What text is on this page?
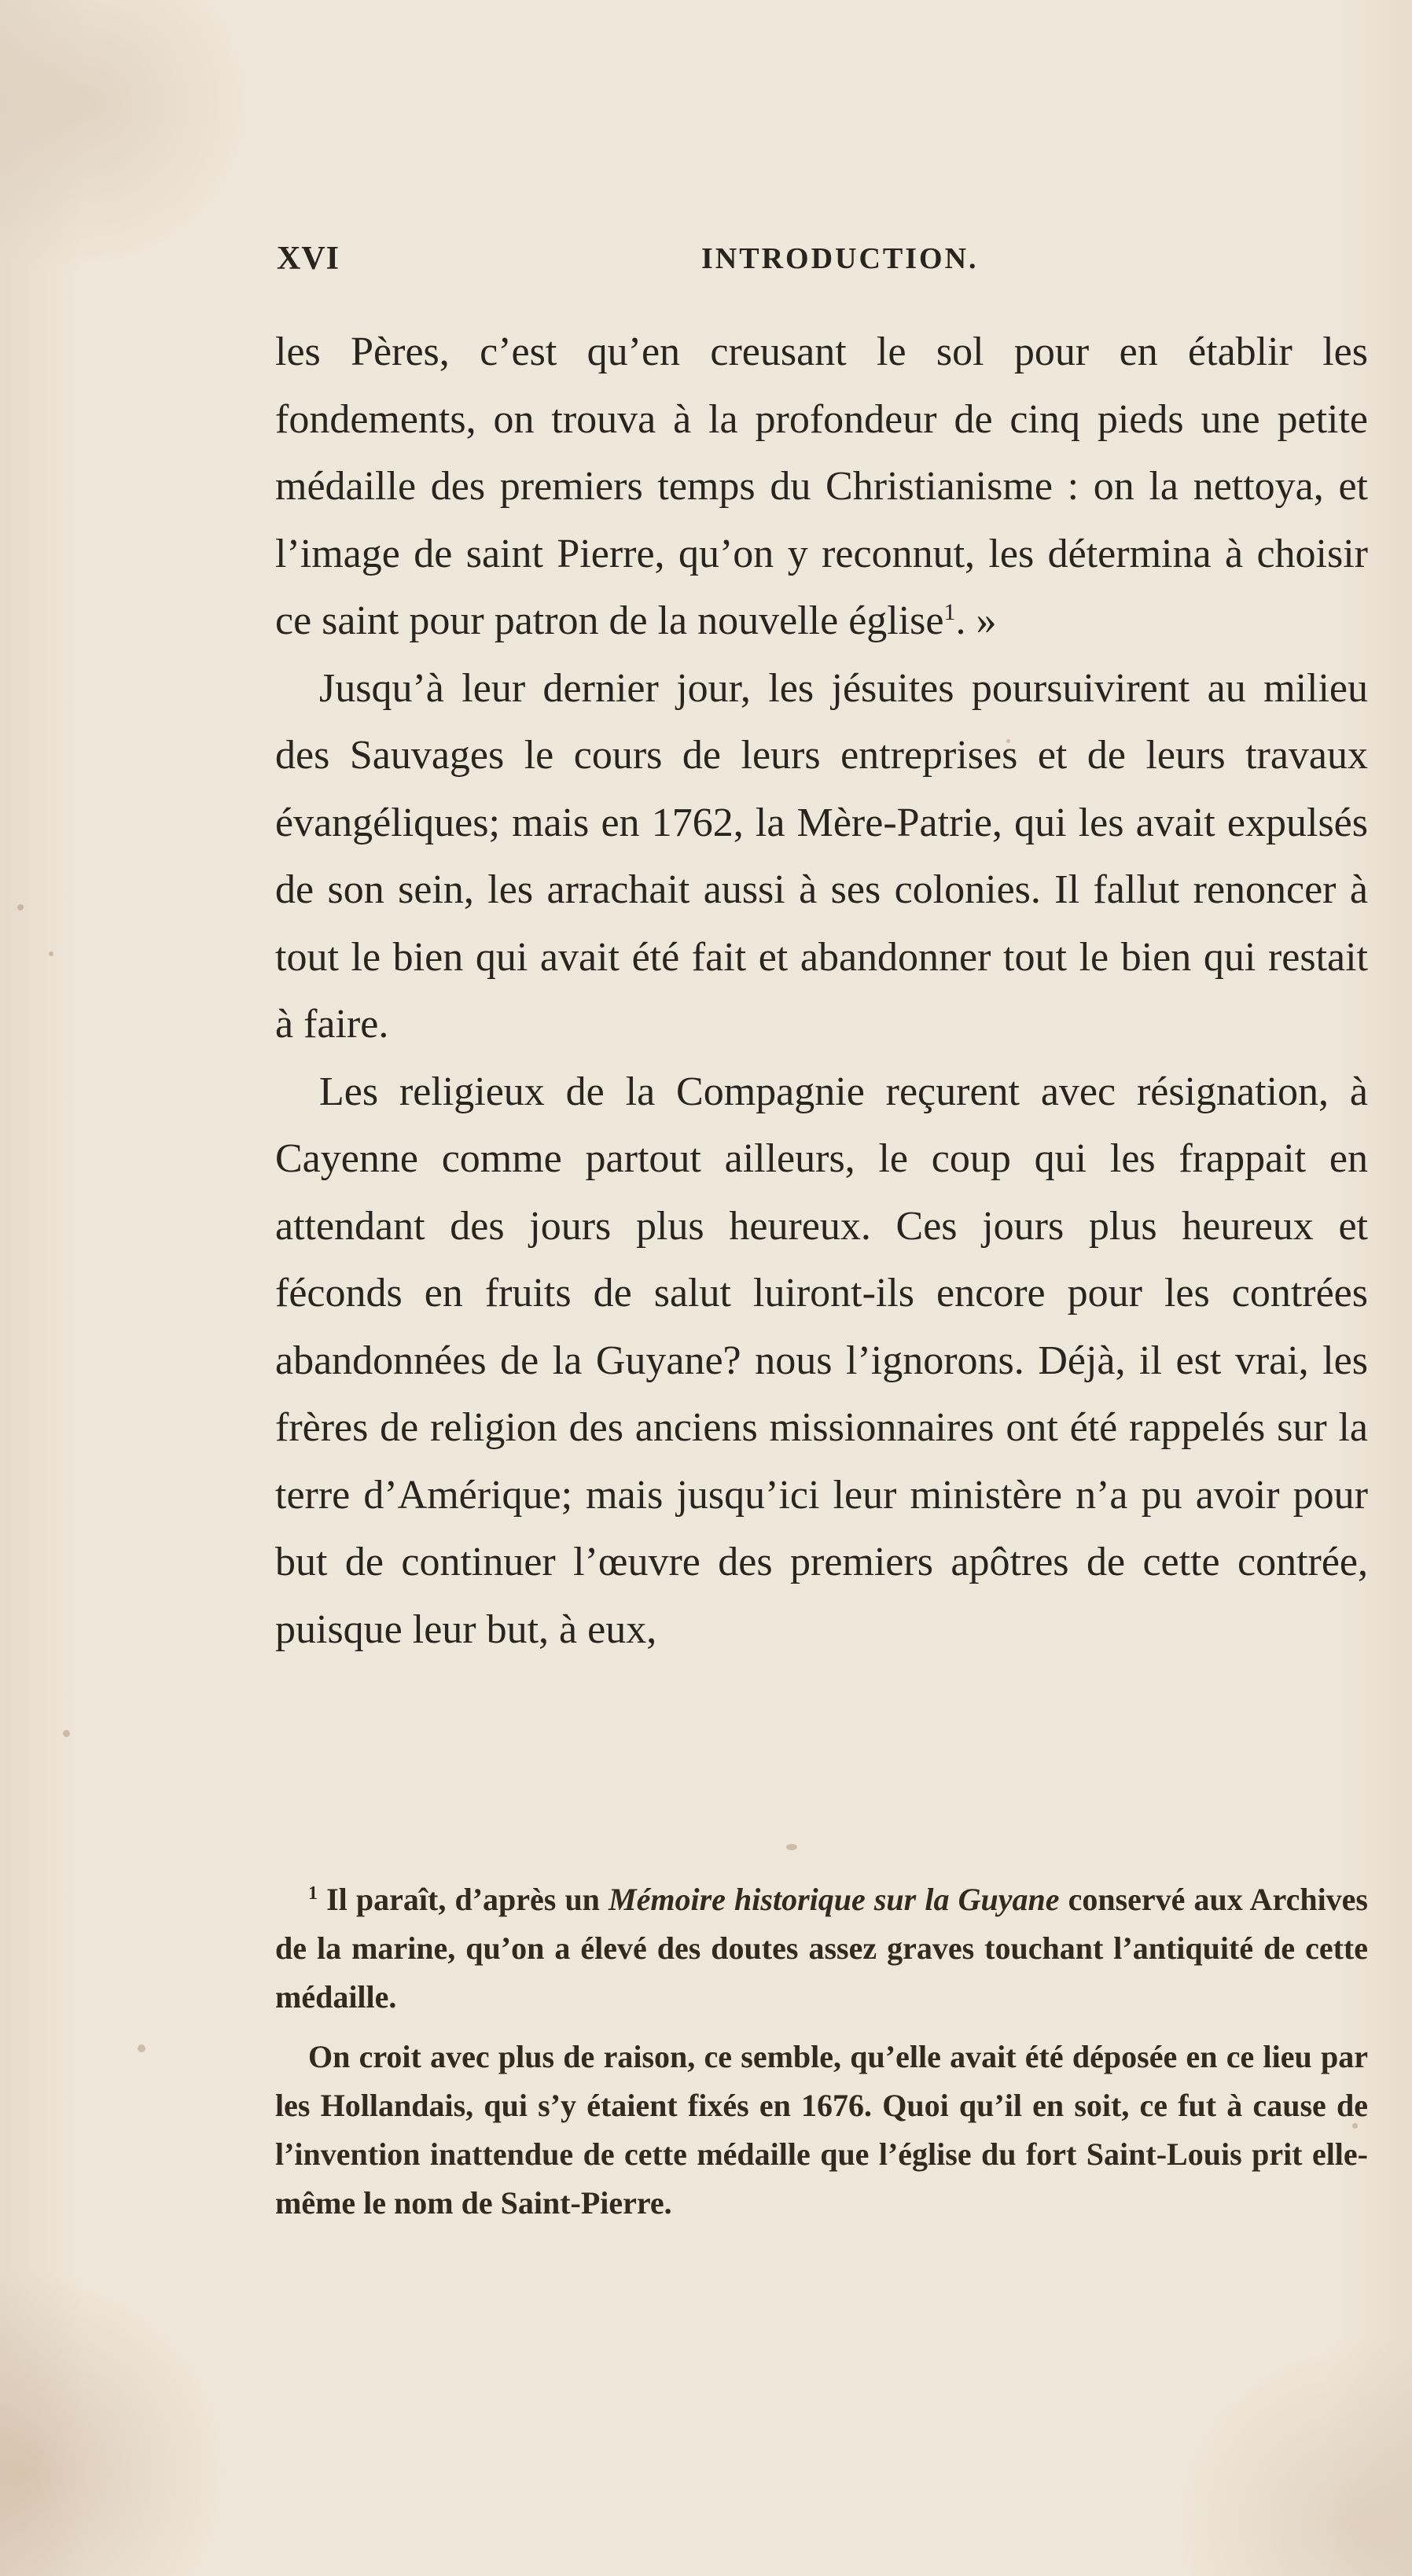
XVI	INTRODUCTION.

les Pères, c’est qu’en creusant le sol pour en établir les fondements, on trouva à la profondeur de cinq pieds une petite médaille des premiers temps du Christianisme : on la nettoya, et l’image de saint Pierre, qu’on y reconnut, les détermina à choisir ce saint pour patron de la nouvelle église$^1$. »

Jusqu’à leur dernier jour, les jésuites poursuivirent au milieu des Sauvages le cours de leurs entreprises et de leurs travaux évangéliques; mais en 1762, la Mère-Patrie, qui les avait expulsés de son sein, les arrachait aussi à ses colonies. Il fallut renoncer à tout le bien qui avait été fait et abandonner tout le bien qui restait à faire.

Les religieux de la Compagnie reçurent avec résignation, à Cayenne comme partout ailleurs, le coup qui les frappait en attendant des jours plus heureux. Ces jours plus heureux et féconds en fruits de salut luiront-ils encore pour les contrées abandonnées de la Guyane? nous l’ignorons. Déjà, il est vrai, les frères de religion des anciens missionnaires ont été rappelés sur la terre d’Amérique; mais jusqu’ici leur ministère n’a pu avoir pour but de continuer l’œuvre des premiers apôtres de cette contrée, puisque leur but, à eux,

$^1$ Il paraît, d’après un Mémoire historique sur la Guyane conservé aux Archives de la marine, qu’on a élevé des doutes assez graves touchant l’antiquité de cette médaille.

On croit avec plus de raison, ce semble, qu’elle avait été déposée en ce lieu par les Hollandais, qui s’y étaient fixés en 1676. Quoi qu’il en soit, ce fut à cause de l’invention inattendue de cette médaille que l’église du fort Saint-Louis prit elle-même le nom de Saint-Pierre.
